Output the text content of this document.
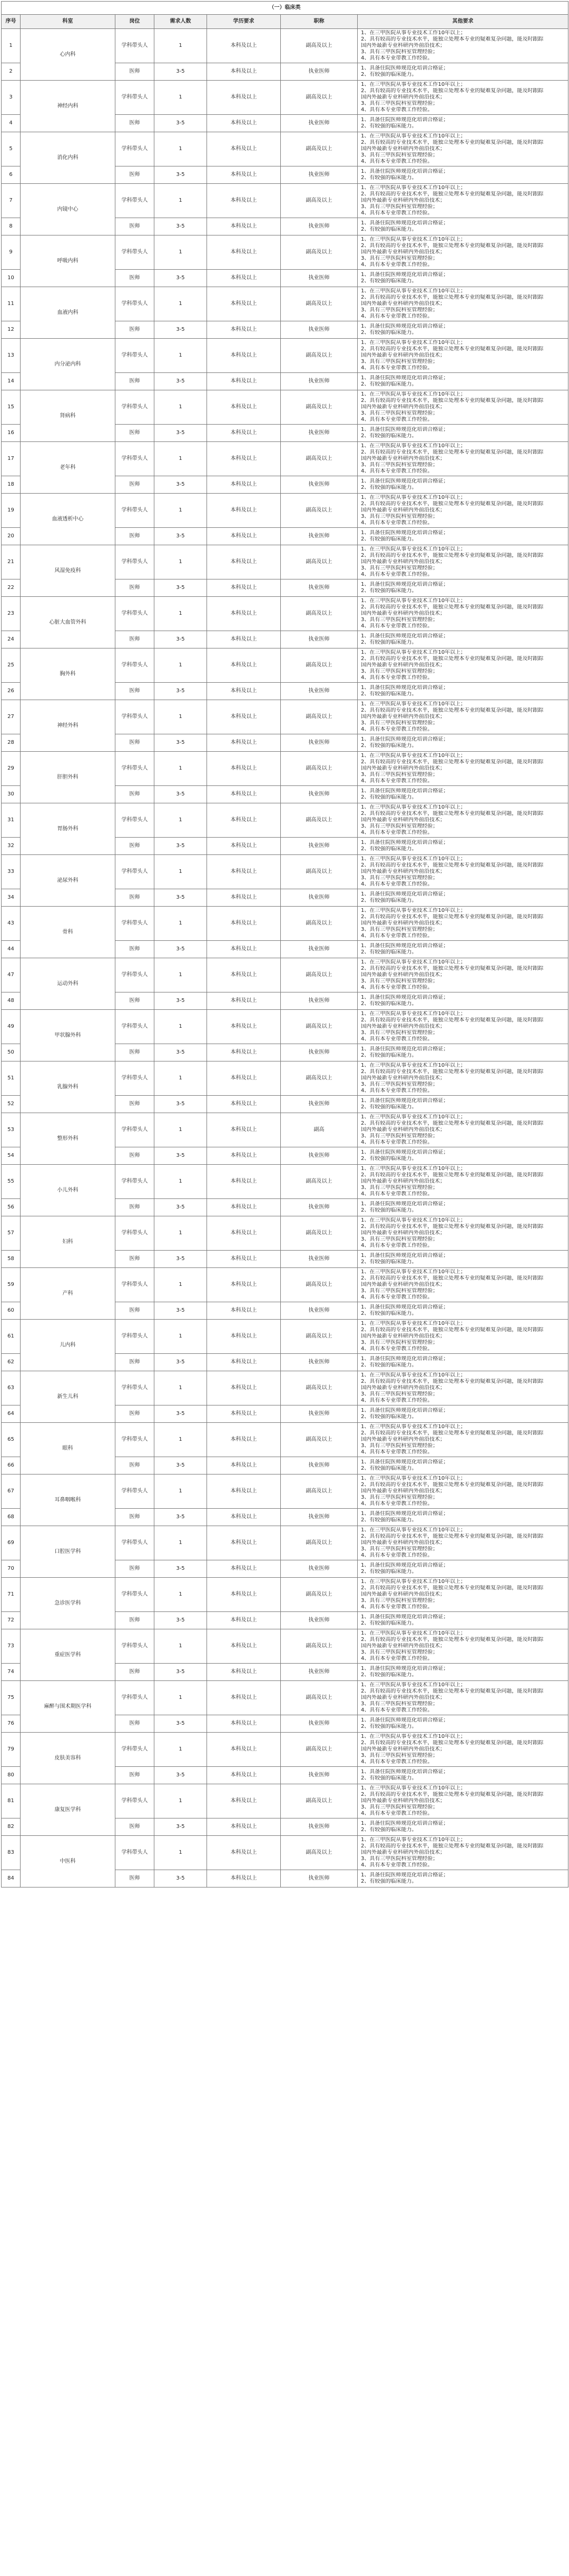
（一）临床类						
序号	科室	岗位	需求人数	学历要求	职称	其他要求
1	心内科	学科带头人	1	本科及以上	副高及以上	1、在三甲医院从事专业技术工作10年以上；
2、具有较高的专业技术水平，能独立处理本专业的疑难复杂问题，能及时跟踪
国内外最新专业科研内外前沿技术；
3、具有三甲医院科室管理经验；
4、具有本专业带教工作经验。

2		医师	3-5	本科及以上	执业医师	1、具备住院医师规范化培训合格证；
2、有较强的临床能力。

3	神经内科	学科带头人	1	本科及以上	副高及以上	1、在三甲医院从事专业技术工作10年以上；
2、具有较高的专业技术水平，能独立处理本专业的疑难复杂问题，能及时跟踪
国内外最新专业科研内外前沿技术；
3、具有三甲医院科室管理经验；
4、具有本专业带教工作经验。

4		医师	3-5	本科及以上	执业医师	1、具备住院医师规范化培训合格证；
2、有较强的临床能力。

5	消化内科	学科带头人	1	本科及以上	副高及以上	1、在三甲医院从事专业技术工作10年以上；
2、具有较高的专业技术水平，能独立处理本专业的疑难复杂问题，能及时跟踪
国内外最新专业科研内外前沿技术；
3、具有三甲医院科室管理经验；
4、具有本专业带教工作经验。

6		医师	3-5	本科及以上	执业医师	1、具备住院医师规范化培训合格证；
2、有较强的临床能力。

7	内镜中心	学科带头人	1	本科及以上	副高及以上	1、在三甲医院从事专业技术工作10年以上；
2、具有较高的专业技术水平，能独立处理本专业的疑难复杂问题，能及时跟踪
国内外最新专业科研内外前沿技术；
3、具有三甲医院科室管理经验；
4、具有本专业带教工作经验。

8		医师	3-5	本科及以上	执业医师	1、具备住院医师规范化培训合格证；
2、有较强的临床能力。

9	呼吸内科	学科带头人	1	本科及以上	副高及以上	1、在三甲医院从事专业技术工作10年以上；
2、具有较高的专业技术水平，能独立处理本专业的疑难复杂问题，能及时跟踪
国内外最新专业科研内外前沿技术；
3、具有三甲医院科室管理经验；
4、具有本专业带教工作经验。

10		医师	3-5	本科及以上	执业医师	1、具备住院医师规范化培训合格证；
2、有较强的临床能力。

11	血液内科	学科带头人	1	本科及以上	副高及以上	1、在三甲医院从事专业技术工作10年以上；
2、具有较高的专业技术水平，能独立处理本专业的疑难复杂问题，能及时跟踪
国内外最新专业科研内外前沿技术；
3、具有三甲医院科室管理经验；
4、具有本专业带教工作经验。

12		医师	3-5	本科及以上	执业医师	1、具备住院医师规范化培训合格证；
2、有较强的临床能力。

13	内分泌内科	学科带头人	1	本科及以上	副高及以上	1、在三甲医院从事专业技术工作10年以上；
2、具有较高的专业技术水平，能独立处理本专业的疑难复杂问题，能及时跟踪
国内外最新专业科研内外前沿技术；
3、具有三甲医院科室管理经验；
4、具有本专业带教工作经验。

14		医师	3-5	本科及以上	执业医师	1、具备住院医师规范化培训合格证；
2、有较强的临床能力。

15	肾病科	学科带头人	1	本科及以上	副高及以上	1、在三甲医院从事专业技术工作10年以上；
2、具有较高的专业技术水平，能独立处理本专业的疑难复杂问题，能及时跟踪
国内外最新专业科研内外前沿技术；
3、具有三甲医院科室管理经验；
4、具有本专业带教工作经验。

16		医师	3-5	本科及以上	执业医师	1、具备住院医师规范化培训合格证；
2、有较强的临床能力。

17	老年科	学科带头人	1	本科及以上	副高及以上	1、在三甲医院从事专业技术工作10年以上；
2、具有较高的专业技术水平，能独立处理本专业的疑难复杂问题，能及时跟踪
国内外最新专业科研内外前沿技术；
3、具有三甲医院科室管理经验；
4、具有本专业带教工作经验。

18		医师	3-5	本科及以上	执业医师	1、具备住院医师规范化培训合格证；
2、有较强的临床能力。

19	血液透析中心	学科带头人	1	本科及以上	副高及以上	1、在三甲医院从事专业技术工作10年以上；
2、具有较高的专业技术水平，能独立处理本专业的疑难复杂问题，能及时跟踪
国内外最新专业科研内外前沿技术；
3、具有三甲医院科室管理经验；
4、具有本专业带教工作经验。

20		医师	3-5	本科及以上	执业医师	1、具备住院医师规范化培训合格证；
2、有较强的临床能力。

21	风湿免疫科	学科带头人	1	本科及以上	副高及以上	1、在三甲医院从事专业技术工作10年以上；
2、具有较高的专业技术水平，能独立处理本专业的疑难复杂问题，能及时跟踪
国内外最新专业科研内外前沿技术；
3、具有三甲医院科室管理经验；
4、具有本专业带教工作经验。

22		医师	3-5	本科及以上	执业医师	1、具备住院医师规范化培训合格证；
2、有较强的临床能力。

23	心脏大血管外科	学科带头人	1	本科及以上	副高及以上	1、在三甲医院从事专业技术工作10年以上；
2、具有较高的专业技术水平，能独立处理本专业的疑难复杂问题，能及时跟踪
国内外最新专业科研内外前沿技术；
3、具有三甲医院科室管理经验；
4、具有本专业带教工作经验。

24		医师	3-5	本科及以上	执业医师	1、具备住院医师规范化培训合格证；
2、有较强的临床能力。

25	胸外科	学科带头人	1	本科及以上	副高及以上	1、在三甲医院从事专业技术工作10年以上；
2、具有较高的专业技术水平，能独立处理本专业的疑难复杂问题，能及时跟踪
国内外最新专业科研内外前沿技术；
3、具有三甲医院科室管理经验；
4、具有本专业带教工作经验。

26		医师	3-5	本科及以上	执业医师	1、具备住院医师规范化培训合格证；
2、有较强的临床能力。

27	神经外科	学科带头人	1	本科及以上	副高及以上	1、在三甲医院从事专业技术工作10年以上；
2、具有较高的专业技术水平，能独立处理本专业的疑难复杂问题，能及时跟踪
国内外最新专业科研内外前沿技术；
3、具有三甲医院科室管理经验；
4、具有本专业带教工作经验。

28		医师	3-5	本科及以上	执业医师	1、具备住院医师规范化培训合格证；
2、有较强的临床能力。

29	肝胆外科	学科带头人	1	本科及以上	副高及以上	1、在三甲医院从事专业技术工作10年以上；
2、具有较高的专业技术水平，能独立处理本专业的疑难复杂问题，能及时跟踪
国内外最新专业科研内外前沿技术；
3、具有三甲医院科室管理经验；
4、具有本专业带教工作经验。

30		医师	3-5	本科及以上	执业医师	1、具备住院医师规范化培训合格证；
2、有较强的临床能力。

31	胃肠外科	学科带头人	1	本科及以上	副高及以上	1、在三甲医院从事专业技术工作10年以上；
2、具有较高的专业技术水平，能独立处理本专业的疑难复杂问题，能及时跟踪
国内外最新专业科研内外前沿技术；
3、具有三甲医院科室管理经验；
4、具有本专业带教工作经验。

32		医师	3-5	本科及以上	执业医师	1、具备住院医师规范化培训合格证；
2、有较强的临床能力。

33	泌尿外科	学科带头人	1	本科及以上	副高及以上	1、在三甲医院从事专业技术工作10年以上；
2、具有较高的专业技术水平，能独立处理本专业的疑难复杂问题，能及时跟踪
国内外最新专业科研内外前沿技术；
3、具有三甲医院科室管理经验；
4、具有本专业带教工作经验。

34		医师	3-5	本科及以上	执业医师	1、具备住院医师规范化培训合格证；
2、有较强的临床能力。

43	骨科	学科带头人	1	本科及以上	副高及以上	1、在三甲医院从事专业技术工作10年以上；
2、具有较高的专业技术水平，能独立处理本专业的疑难复杂问题，能及时跟踪
国内外最新专业科研内外前沿技术；
3、具有三甲医院科室管理经验；
4、具有本专业带教工作经验。

44		医师	3-5	本科及以上	执业医师	1、具备住院医师规范化培训合格证；
2、有较强的临床能力。

47	运动外科	学科带头人	1	本科及以上	副高及以上	1、在三甲医院从事专业技术工作10年以上；
2、具有较高的专业技术水平，能独立处理本专业的疑难复杂问题，能及时跟踪
国内外最新专业科研内外前沿技术；
3、具有三甲医院科室管理经验；
4、具有本专业带教工作经验。

48		医师	3-5	本科及以上	执业医师	1、具备住院医师规范化培训合格证；
2、有较强的临床能力。

49	甲状腺外科	学科带头人	1	本科及以上	副高及以上	1、在三甲医院从事专业技术工作10年以上；
2、具有较高的专业技术水平，能独立处理本专业的疑难复杂问题，能及时跟踪
国内外最新专业科研内外前沿技术；
3、具有三甲医院科室管理经验；
4、具有本专业带教工作经验。

50		医师	3-5	本科及以上	执业医师	1、具备住院医师规范化培训合格证；
2、有较强的临床能力。

51	乳腺外科	学科带头人	1	本科及以上	副高及以上	1、在三甲医院从事专业技术工作10年以上；
2、具有较高的专业技术水平，能独立处理本专业的疑难复杂问题，能及时跟踪
国内外最新专业科研内外前沿技术；
3、具有三甲医院科室管理经验；
4、具有本专业带教工作经验。

52		医师	3-5	本科及以上	执业医师	1、具备住院医师规范化培训合格证；
2、有较强的临床能力。

53	整形外科	学科带头人	1	本科及以上	副高	1、在三甲医院从事专业技术工作10年以上；
2、具有较高的专业技术水平，能独立处理本专业的疑难复杂问题，能及时跟踪
国内外最新专业科研内外前沿技术；
3、具有三甲医院科室管理经验；
4、具有本专业带教工作经验。

54		医师	3-5	本科及以上	执业医师	1、具备住院医师规范化培训合格证；
2、有较强的临床能力。

55	小儿外科	学科带头人	1	本科及以上	副高及以上	1、在三甲医院从事专业技术工作10年以上；
2、具有较高的专业技术水平，能独立处理本专业的疑难复杂问题，能及时跟踪
国内外最新专业科研内外前沿技术；
3、具有三甲医院科室管理经验；
4、具有本专业带教工作经验。

56		医师	3-5	本科及以上	执业医师	1、具备住院医师规范化培训合格证；
2、有较强的临床能力。

57	妇科	学科带头人	1	本科及以上	副高及以上	1、在三甲医院从事专业技术工作10年以上；
2、具有较高的专业技术水平，能独立处理本专业的疑难复杂问题，能及时跟踪
国内外最新专业科研内外前沿技术；
3、具有三甲医院科室管理经验；
4、具有本专业带教工作经验。

58		医师	3-5	本科及以上	执业医师	1、具备住院医师规范化培训合格证；
2、有较强的临床能力。

59	产科	学科带头人	1	本科及以上	副高及以上	1、在三甲医院从事专业技术工作10年以上；
2、具有较高的专业技术水平，能独立处理本专业的疑难复杂问题，能及时跟踪
国内外最新专业科研内外前沿技术；
3、具有三甲医院科室管理经验；
4、具有本专业带教工作经验。

60		医师	3-5	本科及以上	执业医师	1、具备住院医师规范化培训合格证；
2、有较强的临床能力。

61	儿内科	学科带头人	1	本科及以上	副高及以上	1、在三甲医院从事专业技术工作10年以上；
2、具有较高的专业技术水平，能独立处理本专业的疑难复杂问题，能及时跟踪
国内外最新专业科研内外前沿技术；
3、具有三甲医院科室管理经验；
4、具有本专业带教工作经验。

62		医师	3-5	本科及以上	执业医师	1、具备住院医师规范化培训合格证；
2、有较强的临床能力。

63	新生儿科	学科带头人	1	本科及以上	副高及以上	1、在三甲医院从事专业技术工作10年以上；
2、具有较高的专业技术水平，能独立处理本专业的疑难复杂问题，能及时跟踪
国内外最新专业科研内外前沿技术；
3、具有三甲医院科室管理经验；
4、具有本专业带教工作经验。

64		医师	3-5	本科及以上	执业医师	1、具备住院医师规范化培训合格证；
2、有较强的临床能力。

65	眼科	学科带头人	1	本科及以上	副高及以上	1、在三甲医院从事专业技术工作10年以上；
2、具有较高的专业技术水平，能独立处理本专业的疑难复杂问题，能及时跟踪
国内外最新专业科研内外前沿技术；
3、具有三甲医院科室管理经验；
4、具有本专业带教工作经验。

66		医师	3-5	本科及以上	执业医师	1、具备住院医师规范化培训合格证；
2、有较强的临床能力。

67	耳鼻咽喉科	学科带头人	1	本科及以上	副高及以上	1、在三甲医院从事专业技术工作10年以上；
2、具有较高的专业技术水平，能独立处理本专业的疑难复杂问题，能及时跟踪
国内外最新专业科研内外前沿技术；
3、具有三甲医院科室管理经验；
4、具有本专业带教工作经验。

68		医师	3-5	本科及以上	执业医师	1、具备住院医师规范化培训合格证；
2、有较强的临床能力。

69	口腔医学科	学科带头人	1	本科及以上	副高及以上	1、在三甲医院从事专业技术工作10年以上；
2、具有较高的专业技术水平，能独立处理本专业的疑难复杂问题，能及时跟踪
国内外最新专业科研内外前沿技术；
3、具有三甲医院科室管理经验；
4、具有本专业带教工作经验。

70		医师	3-5	本科及以上	执业医师	1、具备住院医师规范化培训合格证；
2、有较强的临床能力。

71	急诊医学科	学科带头人	1	本科及以上	副高及以上	1、在三甲医院从事专业技术工作10年以上；
2、具有较高的专业技术水平，能独立处理本专业的疑难复杂问题，能及时跟踪
国内外最新专业科研内外前沿技术；
3、具有三甲医院科室管理经验；
4、具有本专业带教工作经验。

72		医师	3-5	本科及以上	执业医师	1、具备住院医师规范化培训合格证；
2、有较强的临床能力。

73	重症医学科	学科带头人	1	本科及以上	副高及以上	1、在三甲医院从事专业技术工作10年以上；
2、具有较高的专业技术水平，能独立处理本专业的疑难复杂问题，能及时跟踪
国内外最新专业科研内外前沿技术；
3、具有三甲医院科室管理经验；
4、具有本专业带教工作经验。

74		医师	3-5	本科及以上	执业医师	1、具备住院医师规范化培训合格证；
2、有较强的临床能力。

75	麻醉与围术期医学科	学科带头人	1	本科及以上	副高及以上	1、在三甲医院从事专业技术工作10年以上；
2、具有较高的专业技术水平，能独立处理本专业的疑难复杂问题，能及时跟踪
国内外最新专业科研内外前沿技术；
3、具有三甲医院科室管理经验；
4、具有本专业带教工作经验。

76		医师	3-5	本科及以上	执业医师	1、具备住院医师规范化培训合格证；
2、有较强的临床能力。

79	皮肤美容科	学科带头人	1	本科及以上	副高及以上	1、在三甲医院从事专业技术工作10年以上；
2、具有较高的专业技术水平，能独立处理本专业的疑难复杂问题，能及时跟踪
国内外最新专业科研内外前沿技术；
3、具有三甲医院科室管理经验；
4、具有本专业带教工作经验。

80		医师	3-5	本科及以上	执业医师	1、具备住院医师规范化培训合格证；
2、有较强的临床能力。

81	康复医学科	学科带头人	1	本科及以上	副高及以上	1、在三甲医院从事专业技术工作10年以上；
2、具有较高的专业技术水平，能独立处理本专业的疑难复杂问题，能及时跟踪
国内外最新专业科研内外前沿技术；
3、具有三甲医院科室管理经验；
4、具有本专业带教工作经验。

82		医师	3-5	本科及以上	执业医师	1、具备住院医师规范化培训合格证；
2、有较强的临床能力。

83	中医科	学科带头人	1	本科及以上	副高及以上	1、在三甲医院从事专业技术工作10年以上；
2、具有较高的专业技术水平，能独立处理本专业的疑难复杂问题，能及时跟踪
国内外最新专业科研内外前沿技术；
3、具有三甲医院科室管理经验；
4、具有本专业带教工作经验。

84		医师	3-5	本科及以上	执业医师	1、具备住院医师规范化培训合格证；
2、有较强的临床能力。
